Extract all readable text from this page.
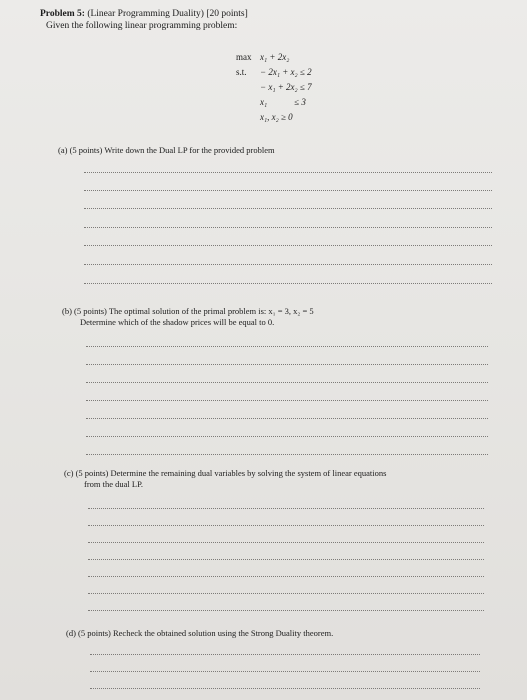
Problem 5: (Linear Programming Duality) [20 points]
Given the following linear programming problem:
max x₁ + 2x₂
s.t.	− 2x₁ + x₂ ≤ 2
− x₁ + 2x₂ ≤ 7
x₁            ≤ 3
x₁, x₂ ≥ 0
(a) (5 points) Write down the Dual LP for the provided problem
(b) (5 points) The optimal solution of the primal problem is: x₁ = 3, x₂ = 5
Determine which of the shadow prices will be equal to 0.
(c) (5 points) Determine the remaining dual variables by solving the system of linear equations
from the dual LP.
(d) (5 points) Recheck the obtained solution using the Strong Duality theorem.
